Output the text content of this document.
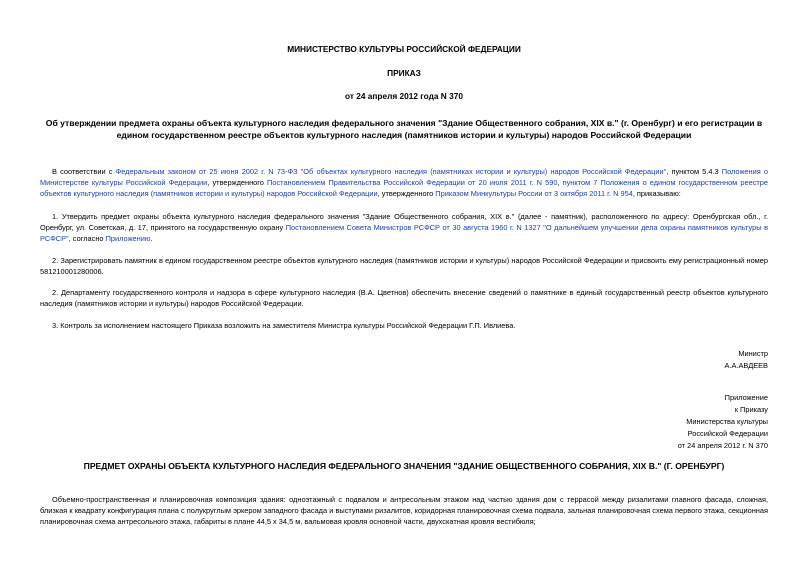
МИНИСТЕРСТВО КУЛЬТУРЫ РОССИЙСКОЙ ФЕДЕРАЦИИ
ПРИКАЗ
от 24 апреля 2012 года N 370
Об утверждении предмета охраны объекта культурного наследия федерального значения "Здание Общественного собрания, XIX в." (г. Оренбург) и его регистрации в едином государственном реестре объектов культурного наследия (памятников истории и культуры) народов Российской Федерации

В соответствии с Федеральным законом от 25 июня 2002 г. N 73-ФЗ "Об объектах культурного наследия (памятниках истории и культуры) народов Российской Федерации", пунктом 5.4.3 Положения о Министерстве культуры Российской Федерации, утвержденного Постановлением Правительства Российской Федерации от 20 июля 2011 г. N 590, пунктом 7 Положения о едином государственном реестре объектов культурного наследия (памятников истории и культуры) народов Российской Федерации, утвержденного Приказом Минкультуры России от 3 октября 2011 г. N 954, приказываю:

1. Утвердить предмет охраны объекта культурного наследия федерального значения "Здание Общественного собрания, XIX в." (далее - памятник), расположенного по адресу: Оренбургская обл., г. Оренбург, ул. Советская, д. 17, принятого на государственную охрану Постановлением Совета Министров РСФСР от 30 августа 1960 г. N 1327 "О дальнейшем улучшении дела охраны памятников культуры в РСФСР", согласно Приложению.

2. Зарегистрировать памятник в едином государственном реестре объектов культурного наследия (памятников истории и культуры) народов Российской Федерации и присвоить ему регистрационный номер 581210001280006.

2. Департаменту государственного контроля и надзора в сфере культурного наследия (В.А. Цветнов) обеспечить внесение сведений о памятнике в единый государственный реестр объектов культурного наследия (памятников истории и культуры) народов Российской Федерации.

3. Контроль за исполнением настоящего Приказа возложить на заместителя Министра культуры Российской Федерации Г.П. Ивлиева.

Министр
А.А.АВДЕЕВ
Приложение
к Приказу
Министерства культуры
Российской Федерации
от 24 апреля 2012 г. N 370
ПРЕДМЕТ ОХРАНЫ ОБЪЕКТА КУЛЬТУРНОГО НАСЛЕДИЯ ФЕДЕРАЛЬНОГО ЗНАЧЕНИЯ "ЗДАНИЕ ОБЩЕСТВЕННОГО СОБРАНИЯ, XIX В." (Г. ОРЕНБУРГ)

Объемно-пространственная и планировочная композиция здания: одноэтажный с подвалом и антресольным этажом над частью здания дом с террасой между ризалитами главного фасада, сложная, близкая к квадрату конфигурация плана с полукруглым эркером западного фасада и выступами ризалитов, коридорная планировочная схема подвала, зальная планировочная схема первого этажа, секционная планировочная схема антресольного этажа, габариты в плане 44,5 x 34,5 м, вальмовая кровля основной части, двухскатная кровля вестибюля;
